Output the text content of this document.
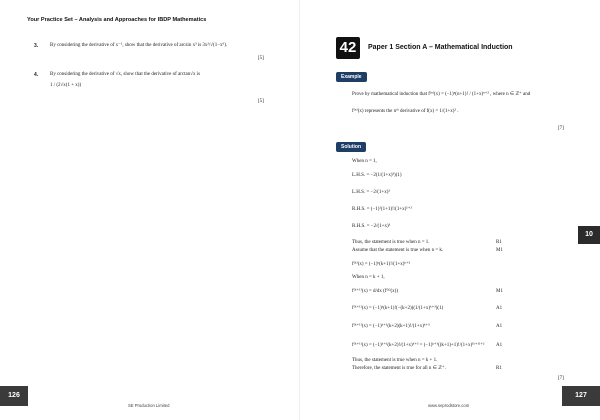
Your Practice Set – Analysis and Approaches for IBDP Mathematics
3. By considering the derivative of x⁻¹, show that the derivative of arcsin x³ is 3x²/√(1−x⁶).
[5]
4. By considering the derivative of √x, show that the derivative of arctan√x is
1 / (2√x(1 + x))
[5]
126
SE Production Limited
42	Paper 1 Section A – Mathematical Induction
Example
Prove by mathematical induction that f⁽ⁿ⁾(x) = (−1)ⁿ(n+1)! / (1+x)ⁿ⁺² , where n ∈ ℤ⁺ and
f⁽ⁿ⁾(x) represents the nᵗʰ derivative of f(x) = 1/(1+x)² .
[7]
Solution
When n = 1,
L.H.S. = −2(1/(1+x)³)(1)
L.H.S. = −2/(1+x)³
R.H.S. = (−1)¹(1+1)!/(1+x)¹⁺²
R.H.S. = −2/(1+x)³
Thus, the statement is true when n = 1.	R1
Assume that the statement is true when n = k.	M1
f⁽ᵏ⁾(x) = (−1)ᵏ(k+1)!/(1+x)ᵏ⁺²
When n = k + 1,
f⁽ᵏ⁺¹⁾(x) = d/dx (f⁽ᵏ⁾(x))	M1
f⁽ᵏ⁺¹⁾(x) = (−1)ᵏ(k+1)!(−(k+2))(1/(1+x)ᵏ⁺³)(1)	A1
f⁽ᵏ⁺¹⁾(x) = (−1)ᵏ⁺¹(k+2)(k+1)!/(1+x)ᵏ⁺³	A1
f⁽ᵏ⁺¹⁾(x) = (−1)ᵏ⁺¹(k+2)!/(1+x)ᵏ⁺³ = (−1)ᵏ⁺¹((k+1)+1)!/(1+x)⁽ᵏ⁺¹⁾⁺² A1
Thus, the statement is true when n = k + 1.
Therefore, the statement is true for all n ∈ ℤ⁺.	R1
[7]
10
127
www.seprodstore.com
